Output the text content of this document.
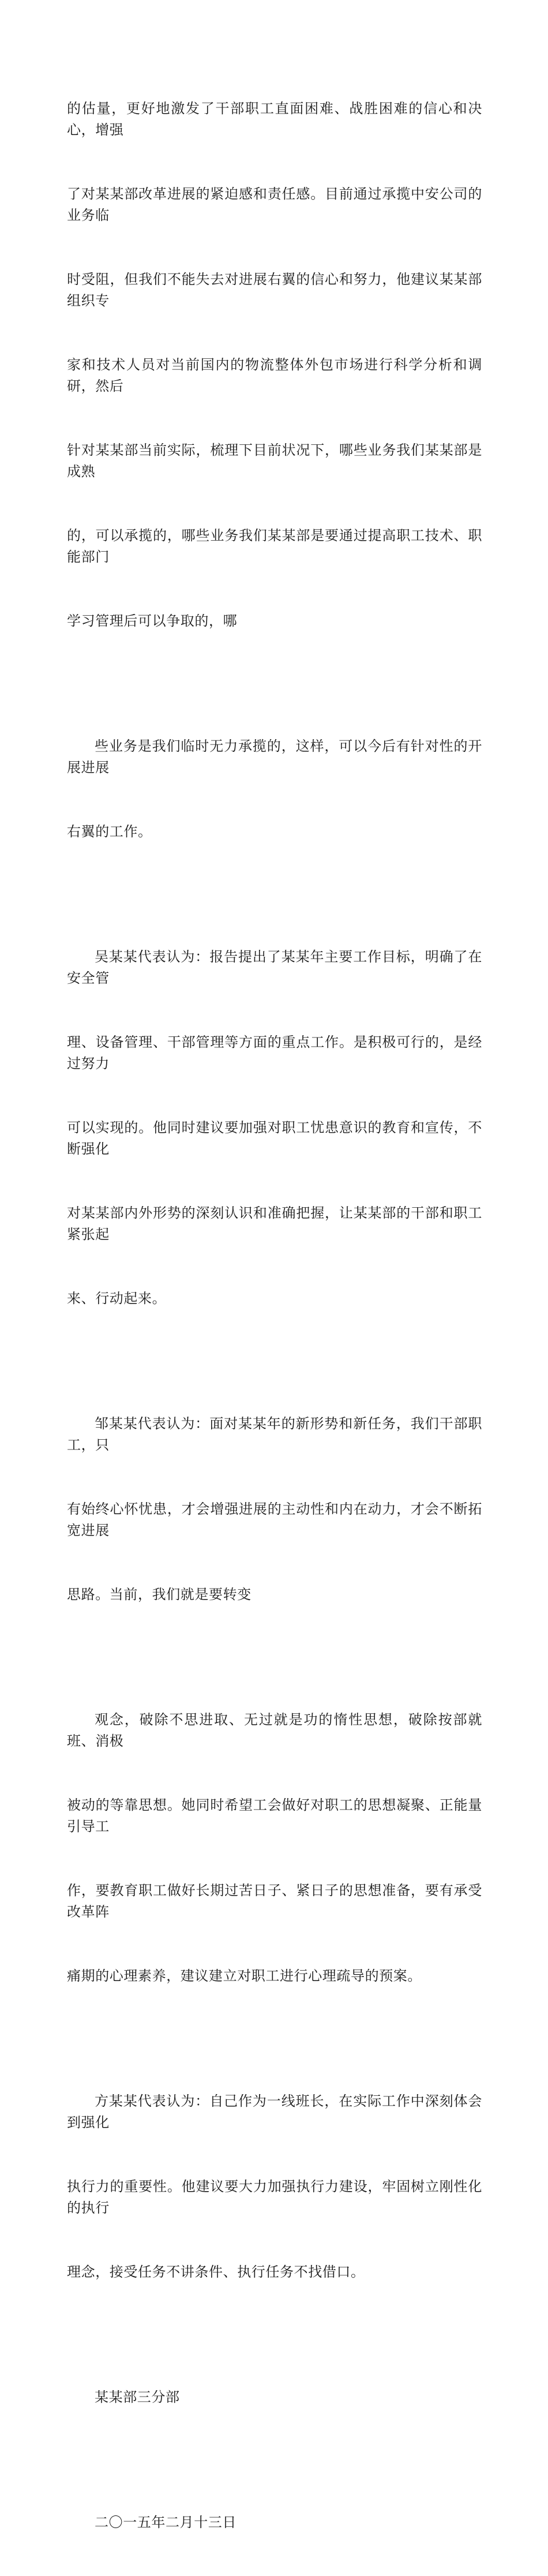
的估量，更好地激发了干部职工直面困难、战胜困难的信心和决心，增强

了对某某部改革进展的紧迫感和责任感。目前通过承揽中安公司的业务临

时受阻，但我们不能失去对进展右翼的信心和努力，他建议某某部组织专

家和技术人员对当前国内的物流整体外包市场进行科学分析和调研，然后

针对某某部当前实际，梳理下目前状况下，哪些业务我们某某部是成熟

的，可以承揽的，哪些业务我们某某部是要通过提高职工技术、职能部门

学习管理后可以争取的，哪

些业务是我们临时无力承揽的，这样，可以今后有针对性的开展进展

右翼的工作。

吴某某代表认为：报告提出了某某年主要工作目标，明确了在安全管

理、设备管理、干部管理等方面的重点工作。是积极可行的，是经过努力

可以实现的。他同时建议要加强对职工忧患意识的教育和宣传，不断强化

对某某部内外形势的深刻认识和准确把握，让某某部的干部和职工紧张起

来、行动起来。

邹某某代表认为：面对某某年的新形势和新任务，我们干部职工，只

有始终心怀忧患，才会增强进展的主动性和内在动力，才会不断拓宽进展

思路。当前，我们就是要转变

观念，破除不思进取、无过就是功的惰性思想，破除按部就班、消极

被动的等靠思想。她同时希望工会做好对职工的思想凝聚、正能量引导工

作，要教育职工做好长期过苦日子、紧日子的思想准备，要有承受改革阵

痛期的心理素养，建议建立对职工进行心理疏导的预案。

方某某代表认为：自己作为一线班长，在实际工作中深刻体会到强化

执行力的重要性。他建议要大力加强执行力建设，牢固树立刚性化的执行

理念，接受任务不讲条件、执行任务不找借口。

某某部三分部

二〇一五年二月十三日
